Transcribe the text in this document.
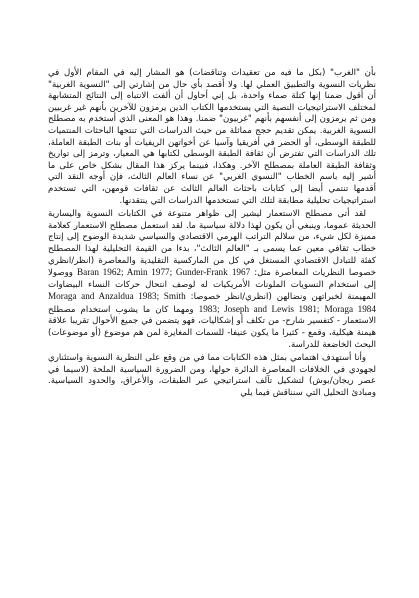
بأن "الغرب" (بكل ما فيه من تعقيدات وتناقضات) هو المشار إليه في المقام الأول في نظريات النسوية والتطبيق العملي لها. ولا أقصد بأي حال من إشارتي إلى "النسوية الغربية" أن أقول ضمنا إنها كتلة صماء واحدة، بل إني أحاول أن ألفت الانتباه إلى النتائج المتشابهة لمختلف الاستراتيجيات النصية التي يستخدمها الكتاب الذين يرمزون للآخرين بأنهم غير غربيين ومن ثم يرمزون إلى أنفسهم بأنهم "غربيون" ضمنا. وهذا هو المعنى الذي أستخدم به مصطلح النسوية الغربية. يمكن تقديم حجج مماثلة من حيث الدراسات التي تنتجها الباحثات المنتميات للطبقة الوسطى، أو الحضر في أفريقيا وآسيا عن أخواتهن الريفيات أو بنات الطبقة العاملة، تلك الدراسات التي تفترض أن ثقافة الطبقة الوسطى لكتابها هي المعيار، وترمز إلى تواريخ وثقافة الطبقة العاملة بمصطلح الآخر. وهكذا، فبينما يركز هذا المقال بشكل خاص على ما أشير إليه باسم الخطاب "النسوي الغربي" عن نساء العالم الثالث، فإن أوجه النقد التي أقدمها تنتمي أيضا إلى كتابات باحثات العالم الثالث عن ثقافات قومهن، التي تستخدم استراتيجيات تحليلية مطابقة لتلك التي تستخدمها الدراسات التي ينتقدنها.

لقد أتى مصطلح الاستعمار ليشير إلى ظواهر متنوعة في الكتابات النسوية واليسارية الحديثة عموما، وينبغي أن يكون لهذا دلالة سياسية ما. لقد استعمل مصطلح الاستعمار كعلامة مميزة لكل شيء، من سلالم التراتب الهرمي الاقتصادي والسياسي شديدة الوضوح إلى إنتاج خطاب ثقافي معين عما يسمى بـ "العالم الثالث"، بدءا من القيمة التحليلية لهذا المصطلح كفئة للتبادل الاقتصادي المستغل في كل من الماركسية التقليدية والمعاصرة (انظر/انظري خصوصا النظريات المعاصرة مثل: Baran 1962; Amin 1977; Gunder-Frank 1967 ووصولا إلى استخدام النسويات الملونات الأمريكيات له لوصف انتحال حركات النساء البيضاوات المهيمنة لخبراتهن ونضالهن (انظري/انظر خصوصا: Moraga and Anzaldua 1983; Smith 1983; Joseph and Lewis 1981; Moraga 1984 ومهما كان ما يشوب استخدام مصطلح الاستعمار - كتفسير شارح- من تكلف أو إشكاليات، فهو يتضمن في جميع الأحوال تقريبا علاقة هيمنة هيكلية، وقمع - كثيرا ما يكون عنيفا- للسمات المغايرة لمن هم موضوع (أو موضوعات) البحث الخاضعة للدراسة.

وأنا أستهدف اهتمامي بمثل هذه الكتابات مما في من وقع على النظرية النسوية واستئناري لجهودي في الخلافات المعاصرة الدائرة حولها، ومن الضرورة السياسية الملحة (لاسيما في عصر ريجان/بوش) لتشكيل تآلف استراتيجي عبر الطبقات، والأعراق، والحدود السياسية. ومبادئ التحليل التي سنناقش فيما يلي
